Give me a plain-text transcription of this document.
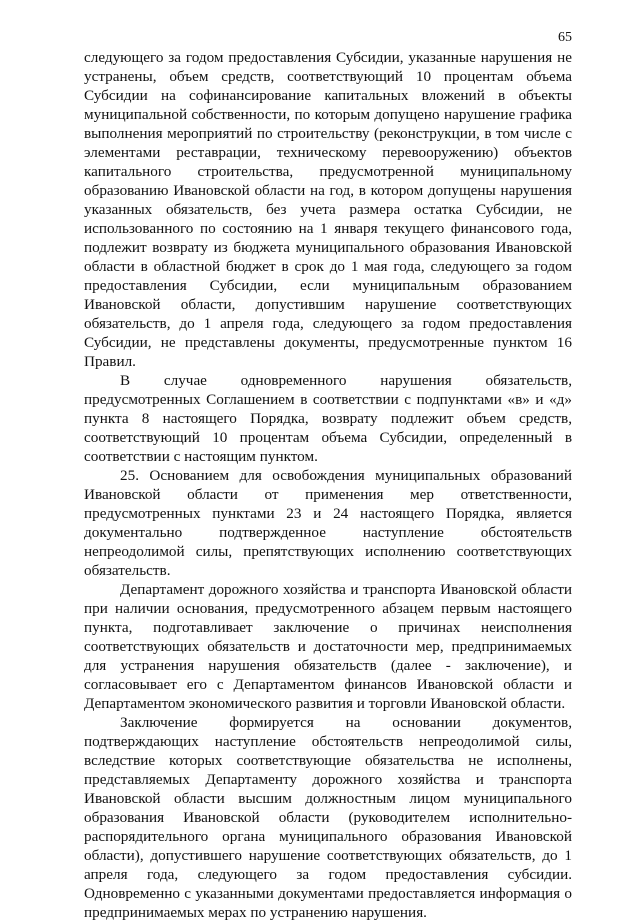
65

следующего за годом предоставления Субсидии, указанные нарушения не устранены, объем средств, соответствующий 10 процентам объема Субсидии на софинансирование капитальных вложений в объекты муниципальной собственности, по которым допущено нарушение графика выполнения мероприятий по строительству (реконструкции, в том числе с элементами реставрации, техническому перевооружению) объектов капитального строительства, предусмотренной муниципальному образованию Ивановской области на год, в котором допущены нарушения указанных обязательств, без учета размера остатка Субсидии, не использованного по состоянию на 1 января текущего финансового года, подлежит возврату из бюджета муниципального образования Ивановской области в областной бюджет в срок до 1 мая года, следующего за годом предоставления Субсидии, если муниципальным образованием Ивановской области, допустившим нарушение соответствующих обязательств, до 1 апреля года, следующего за годом предоставления Субсидии, не представлены документы, предусмотренные пунктом 16 Правил.

В случае одновременного нарушения обязательств, предусмотренных Соглашением в соответствии с подпунктами «в» и «д» пункта 8 настоящего Порядка, возврату подлежит объем средств, соответствующий 10 процентам объема Субсидии, определенный в соответствии с настоящим пунктом.

25. Основанием для освобождения муниципальных образований Ивановской области от применения мер ответственности, предусмотренных пунктами 23 и 24 настоящего Порядка, является документально подтвержденное наступление обстоятельств непреодолимой силы, препятствующих исполнению соответствующих обязательств.

Департамент дорожного хозяйства и транспорта Ивановской области при наличии основания, предусмотренного абзацем первым настоящего пункта, подготавливает заключение о причинах неисполнения соответствующих обязательств и достаточности мер, предпринимаемых для устранения нарушения обязательств (далее - заключение), и согласовывает его с Департаментом финансов Ивановской области и Департаментом экономического развития и торговли Ивановской области.

Заключение формируется на основании документов, подтверждающих наступление обстоятельств непреодолимой силы, вследствие которых соответствующие обязательства не исполнены, представляемых Департаменту дорожного хозяйства и транспорта Ивановской области высшим должностным лицом муниципального образования Ивановской области (руководителем исполнительно-распорядительного органа муниципального образования Ивановской области), допустившего нарушение соответствующих обязательств, до 1 апреля года, следующего за годом предоставления субсидии. Одновременно с указанными документами предоставляется информация о предпринимаемых мерах по устранению нарушения.
